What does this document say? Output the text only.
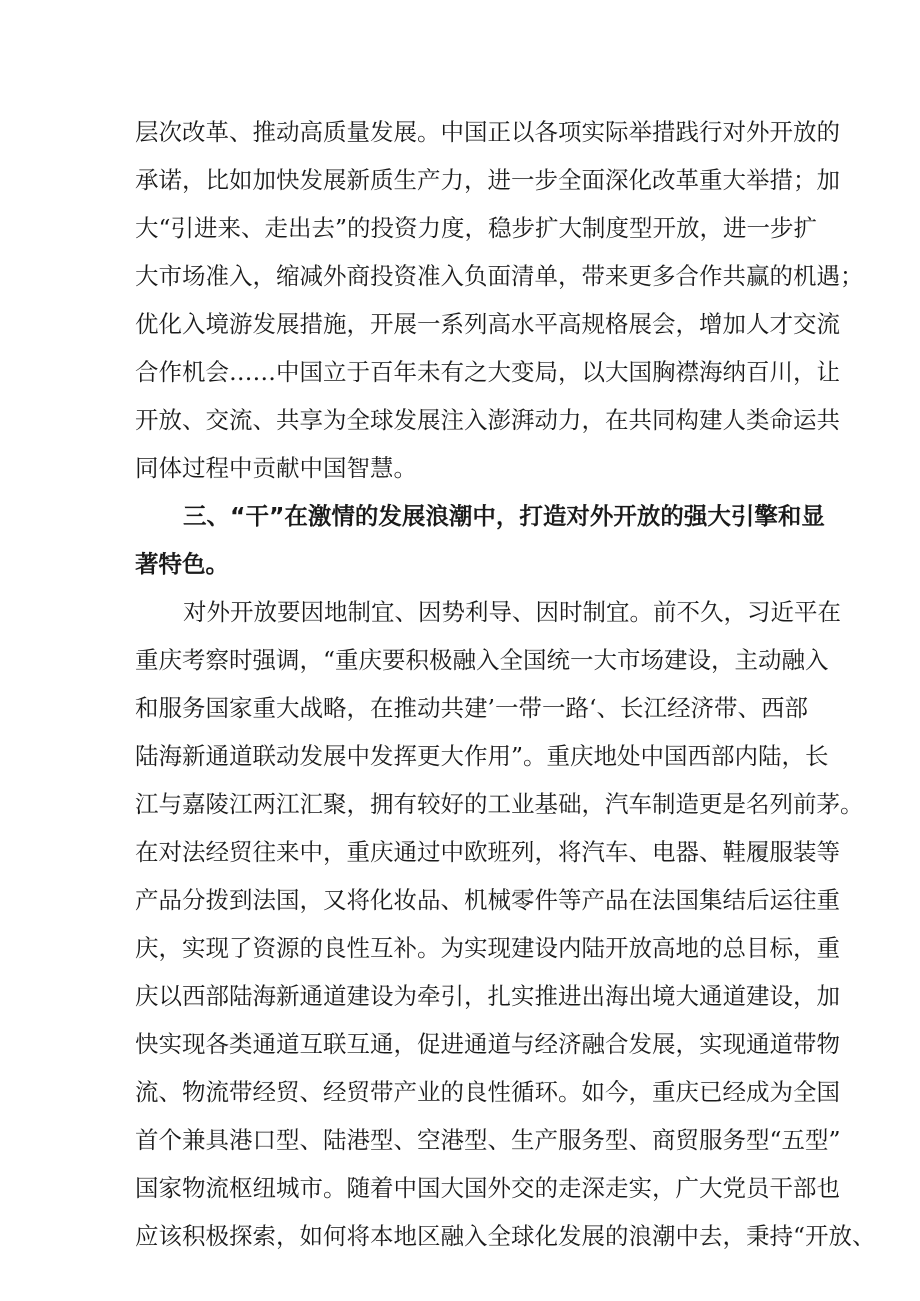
层次改革、推动高质量发展。中国正以各项实际举措践行对外开放的
承诺，比如加快发展新质生产力，进一步全面深化改革重大举措；加
大“引进来、走出去”的投资力度，稳步扩大制度型开放，进一步扩
大市场准入，缩减外商投资准入负面清单，带来更多合作共赢的机遇；
优化入境游发展措施，开展一系列高水平高规格展会，增加人才交流
合作机会……中国立于百年未有之大变局，以大国胸襟海纳百川，让
开放、交流、共享为全球发展注入澎湃动力，在共同构建人类命运共
同体过程中贡献中国智慧。
三、“干”在激情的发展浪潮中，打造对外开放的强大引擎和显
著特色。
对外开放要因地制宜、因势利导、因时制宜。前不久，习近平在
重庆考察时强调，“重庆要积极融入全国统一大市场建设，主动融入
和服务国家重大战略，在推动共建’一带一路‘、长江经济带、西部
陆海新通道联动发展中发挥更大作用”。重庆地处中国西部内陆，长
江与嘉陵江两江汇聚，拥有较好的工业基础，汽车制造更是名列前茅。
在对法经贸往来中，重庆通过中欧班列，将汽车、电器、鞋履服装等
产品分拨到法国，又将化妆品、机械零件等产品在法国集结后运往重
庆，实现了资源的良性互补。为实现建设内陆开放高地的总目标，重
庆以西部陆海新通道建设为牵引，扎实推进出海出境大通道建设，加
快实现各类通道互联互通，促进通道与经济融合发展，实现通道带物
流、物流带经贸、经贸带产业的良性循环。如今，重庆已经成为全国
首个兼具港口型、陆港型、空港型、生产服务型、商贸服务型“五型”
国家物流枢纽城市。随着中国大国外交的走深走实，广大党员干部也
应该积极探索，如何将本地区融入全球化发展的浪潮中去，秉持“开放、
